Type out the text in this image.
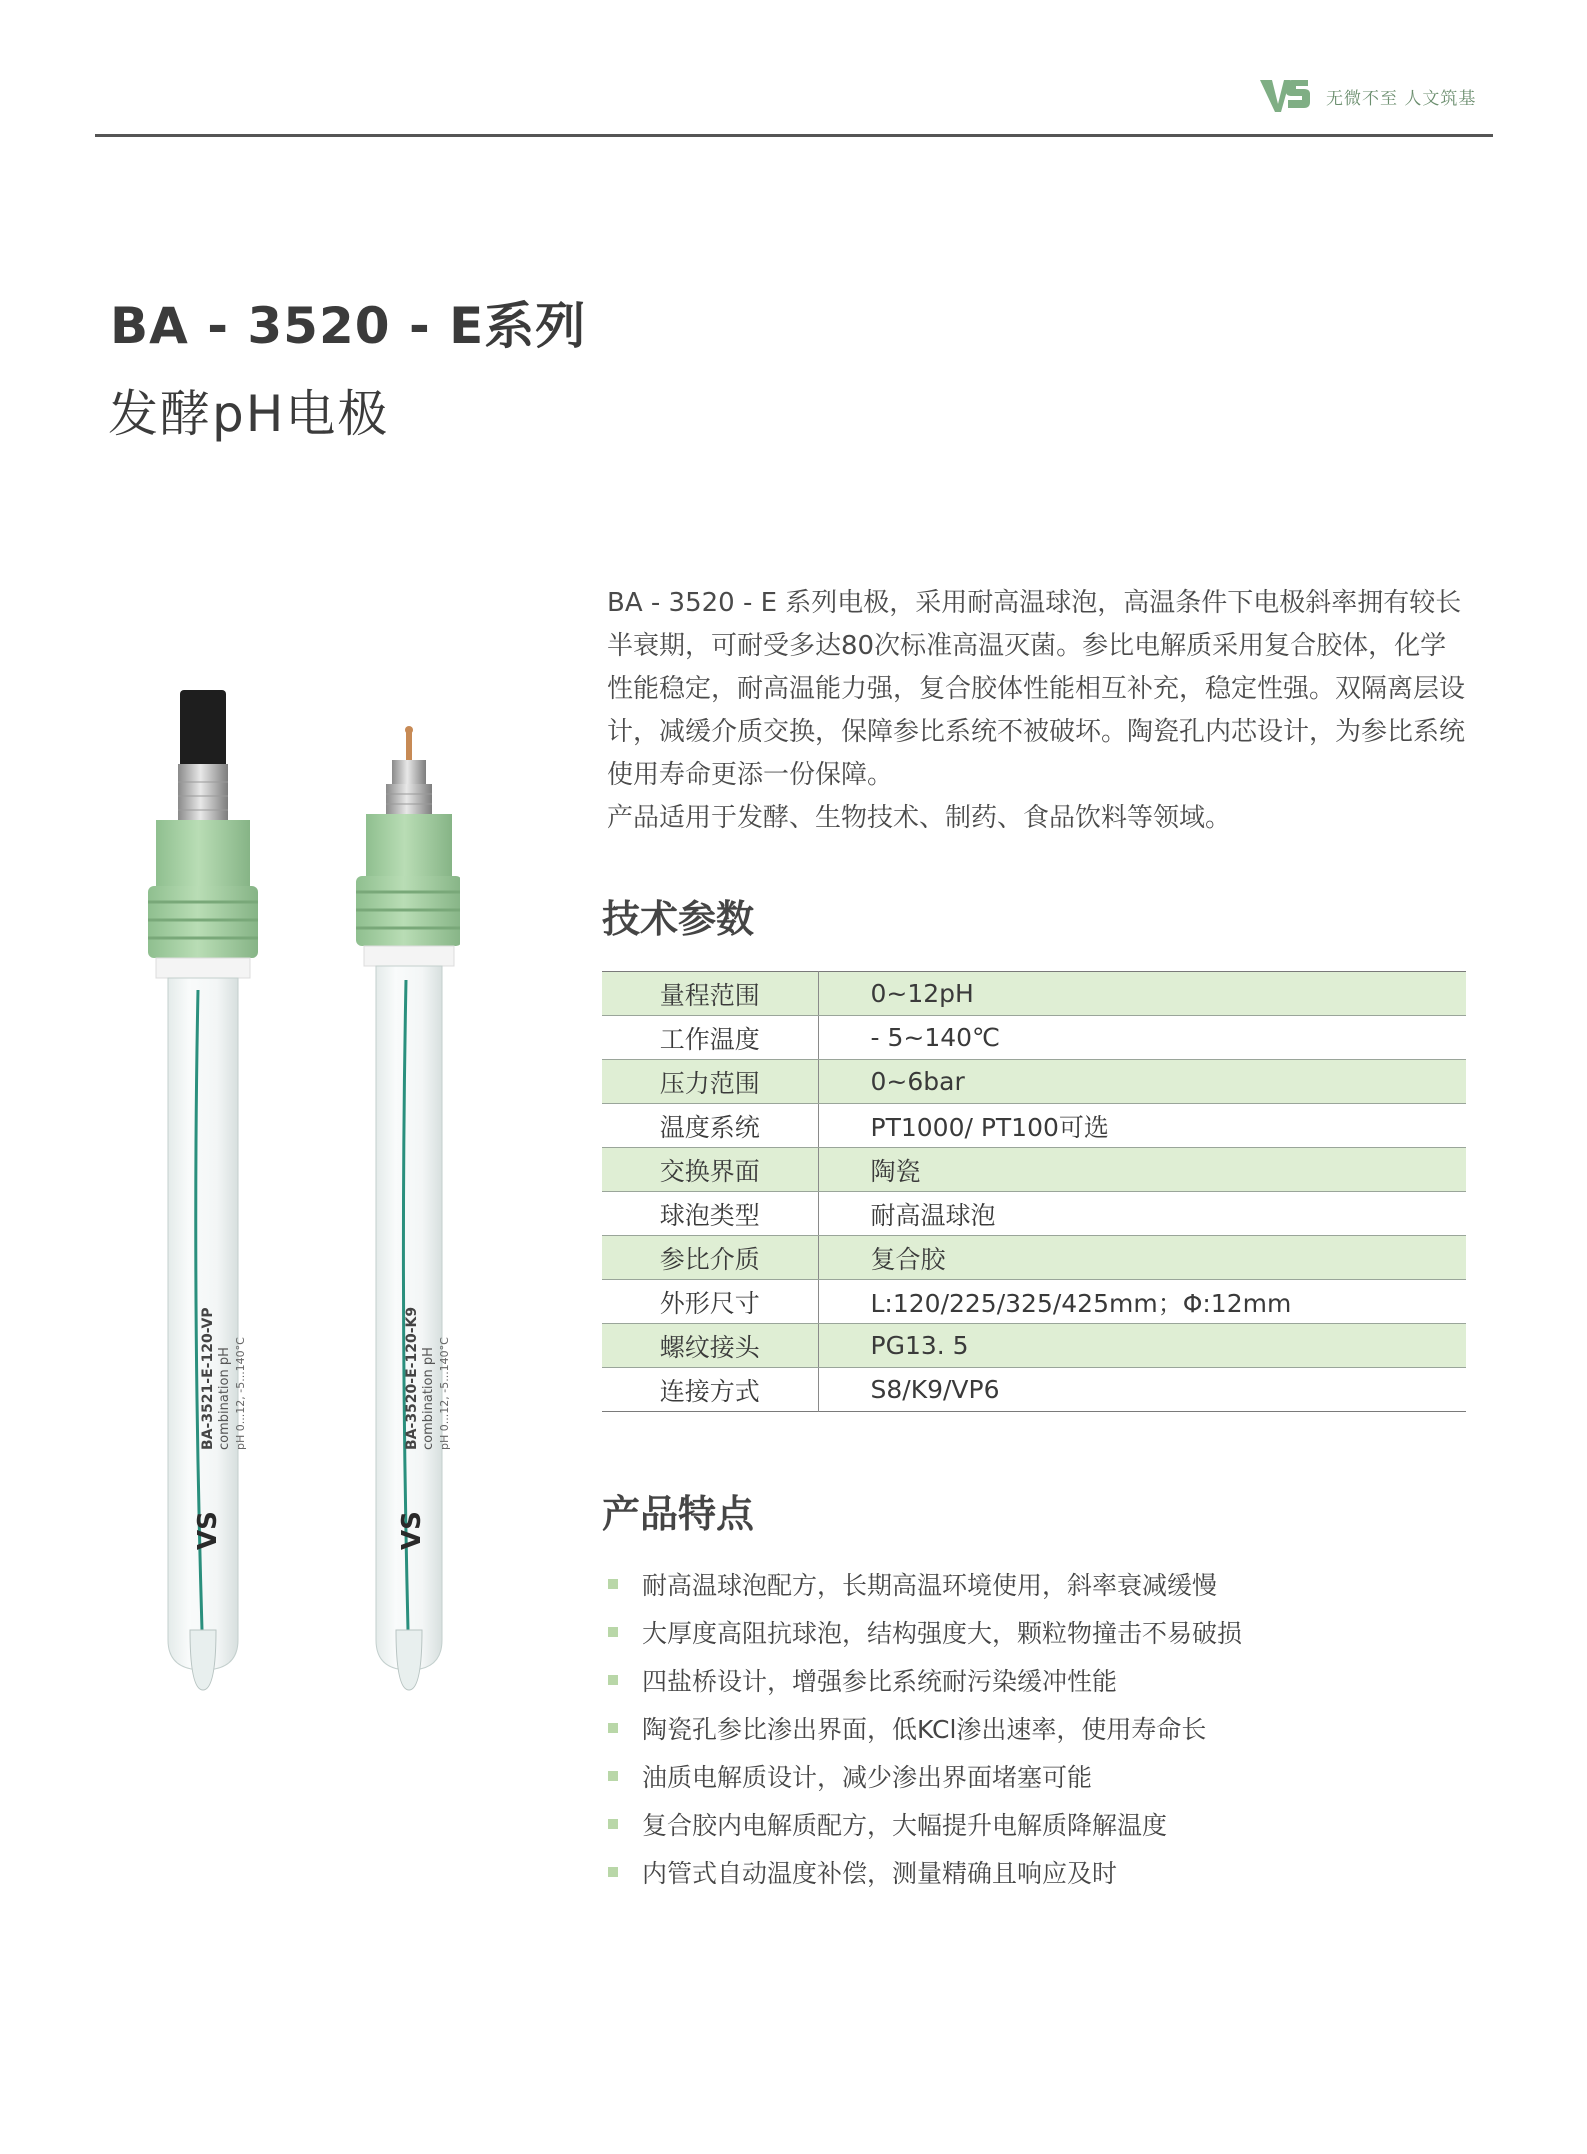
无微不至 人文筑基
BA - 3520 - E系列
发酵pH电极
combination pH
BA-3521-E-120-VP pH 0...12, -5...140°C
VS
combination pH
BA-3520-E-120-K9 pH 0...12, -5...140°C
VS

BA - 3520 - E 系列电极，采用耐高温球泡，高温条件下电极斜率拥有较长半衰期，可耐受多达80次标准高温灭菌。参比电解质采用复合胶体，化学性能稳定，耐高温能力强，复合胶体性能相互补充，稳定性强。双隔离层设计，减缓介质交换，保障参比系统不被破坏。陶瓷孔内芯设计，为参比系统使用寿命更添一份保障。

产品适用于发酵、生物技术、制药、食品饮料等领域。

技术参数
量程范围	0~12pH
工作温度	- 5~140℃
压力范围	0~6bar
温度系统	PT1000/ PT100可选
交换界面	陶瓷
球泡类型	耐高温球泡
参比介质	复合胶
外形尺寸	L:120/225/325/425mm；Φ:12mm
螺纹接头	PG13. 5
连接方式	S8/K9/VP6
产品特点
耐高温球泡配方，长期高温环境使用，斜率衰减缓慢
大厚度高阻抗球泡，结构强度大，颗粒物撞击不易破损
四盐桥设计，增强参比系统耐污染缓冲性能
陶瓷孔参比渗出界面，低KCl渗出速率，使用寿命长
油质电解质设计，减少渗出界面堵塞可能
复合胶内电解质配方，大幅提升电解质降解温度
内管式自动温度补偿，测量精确且响应及时
